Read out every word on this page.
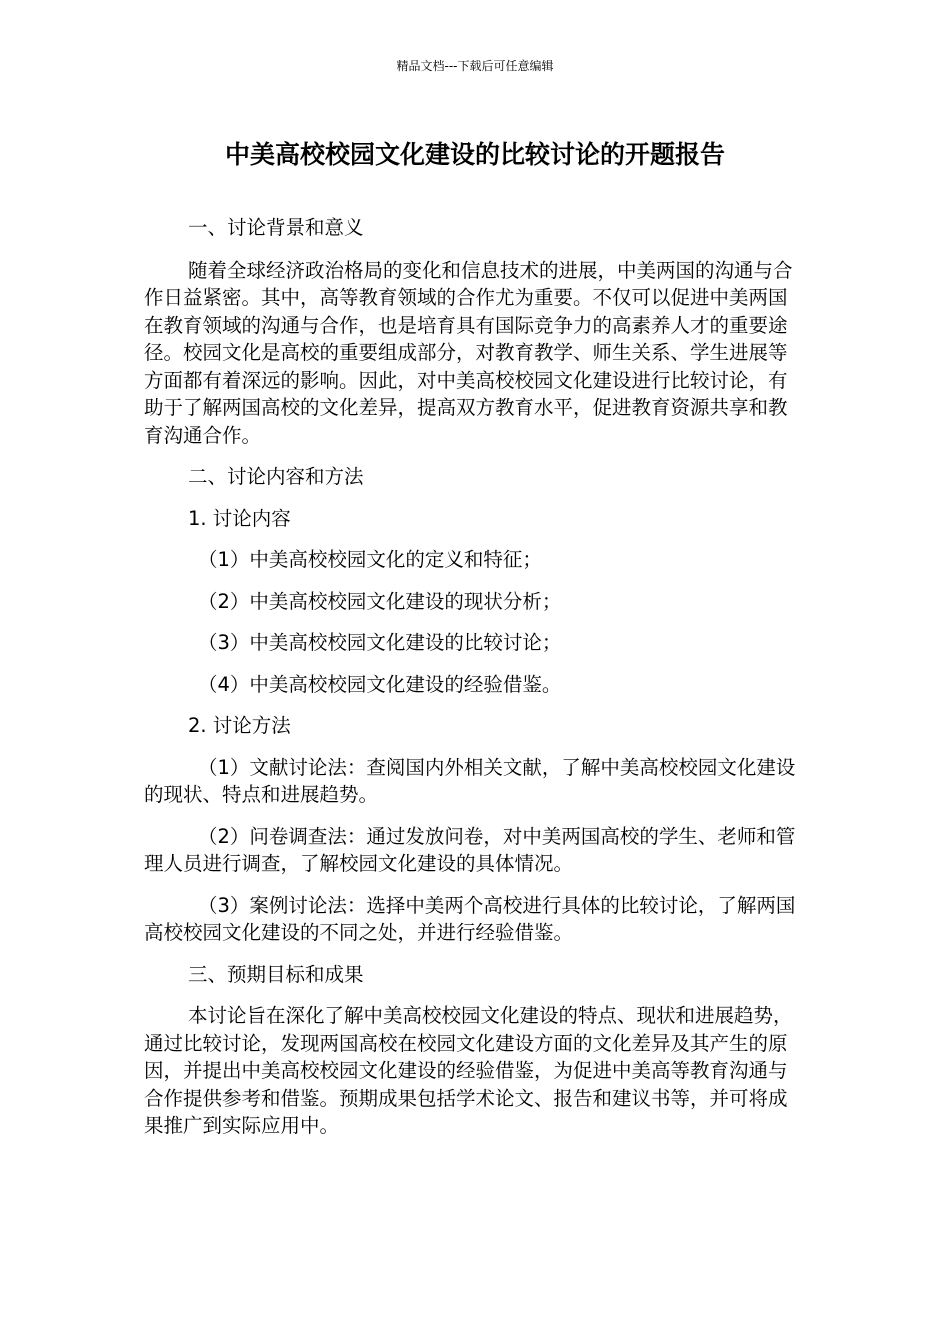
精品文档---下载后可任意编辑
中美高校校园文化建设的比较讨论的开题报告

一、讨论背景和意义

随着全球经济政治格局的变化和信息技术的进展，中美两国的沟通与合作日益紧密。其中，高等教育领域的合作尤为重要。不仅可以促进中美两国在教育领域的沟通与合作，也是培育具有国际竞争力的高素养人才的重要途径。校园文化是高校的重要组成部分，对教育教学、师生关系、学生进展等方面都有着深远的影响。因此，对中美高校校园文化建设进行比较讨论，有助于了解两国高校的文化差异，提高双方教育水平，促进教育资源共享和教育沟通合作。

二、讨论内容和方法

1. 讨论内容

（1）中美高校校园文化的定义和特征；

（2）中美高校校园文化建设的现状分析；

（3）中美高校校园文化建设的比较讨论；

（4）中美高校校园文化建设的经验借鉴。

2. 讨论方法

（1）文献讨论法：查阅国内外相关文献，了解中美高校校园文化建设的现状、特点和进展趋势。

（2）问卷调查法：通过发放问卷，对中美两国高校的学生、老师和管理人员进行调查，了解校园文化建设的具体情况。

（3）案例讨论法：选择中美两个高校进行具体的比较讨论，了解两国高校校园文化建设的不同之处，并进行经验借鉴。

三、预期目标和成果

本讨论旨在深化了解中美高校校园文化建设的特点、现状和进展趋势，通过比较讨论，发现两国高校在校园文化建设方面的文化差异及其产生的原因，并提出中美高校校园文化建设的经验借鉴，为促进中美高等教育沟通与合作提供参考和借鉴。预期成果包括学术论文、报告和建议书等，并可将成果推广到实际应用中。
